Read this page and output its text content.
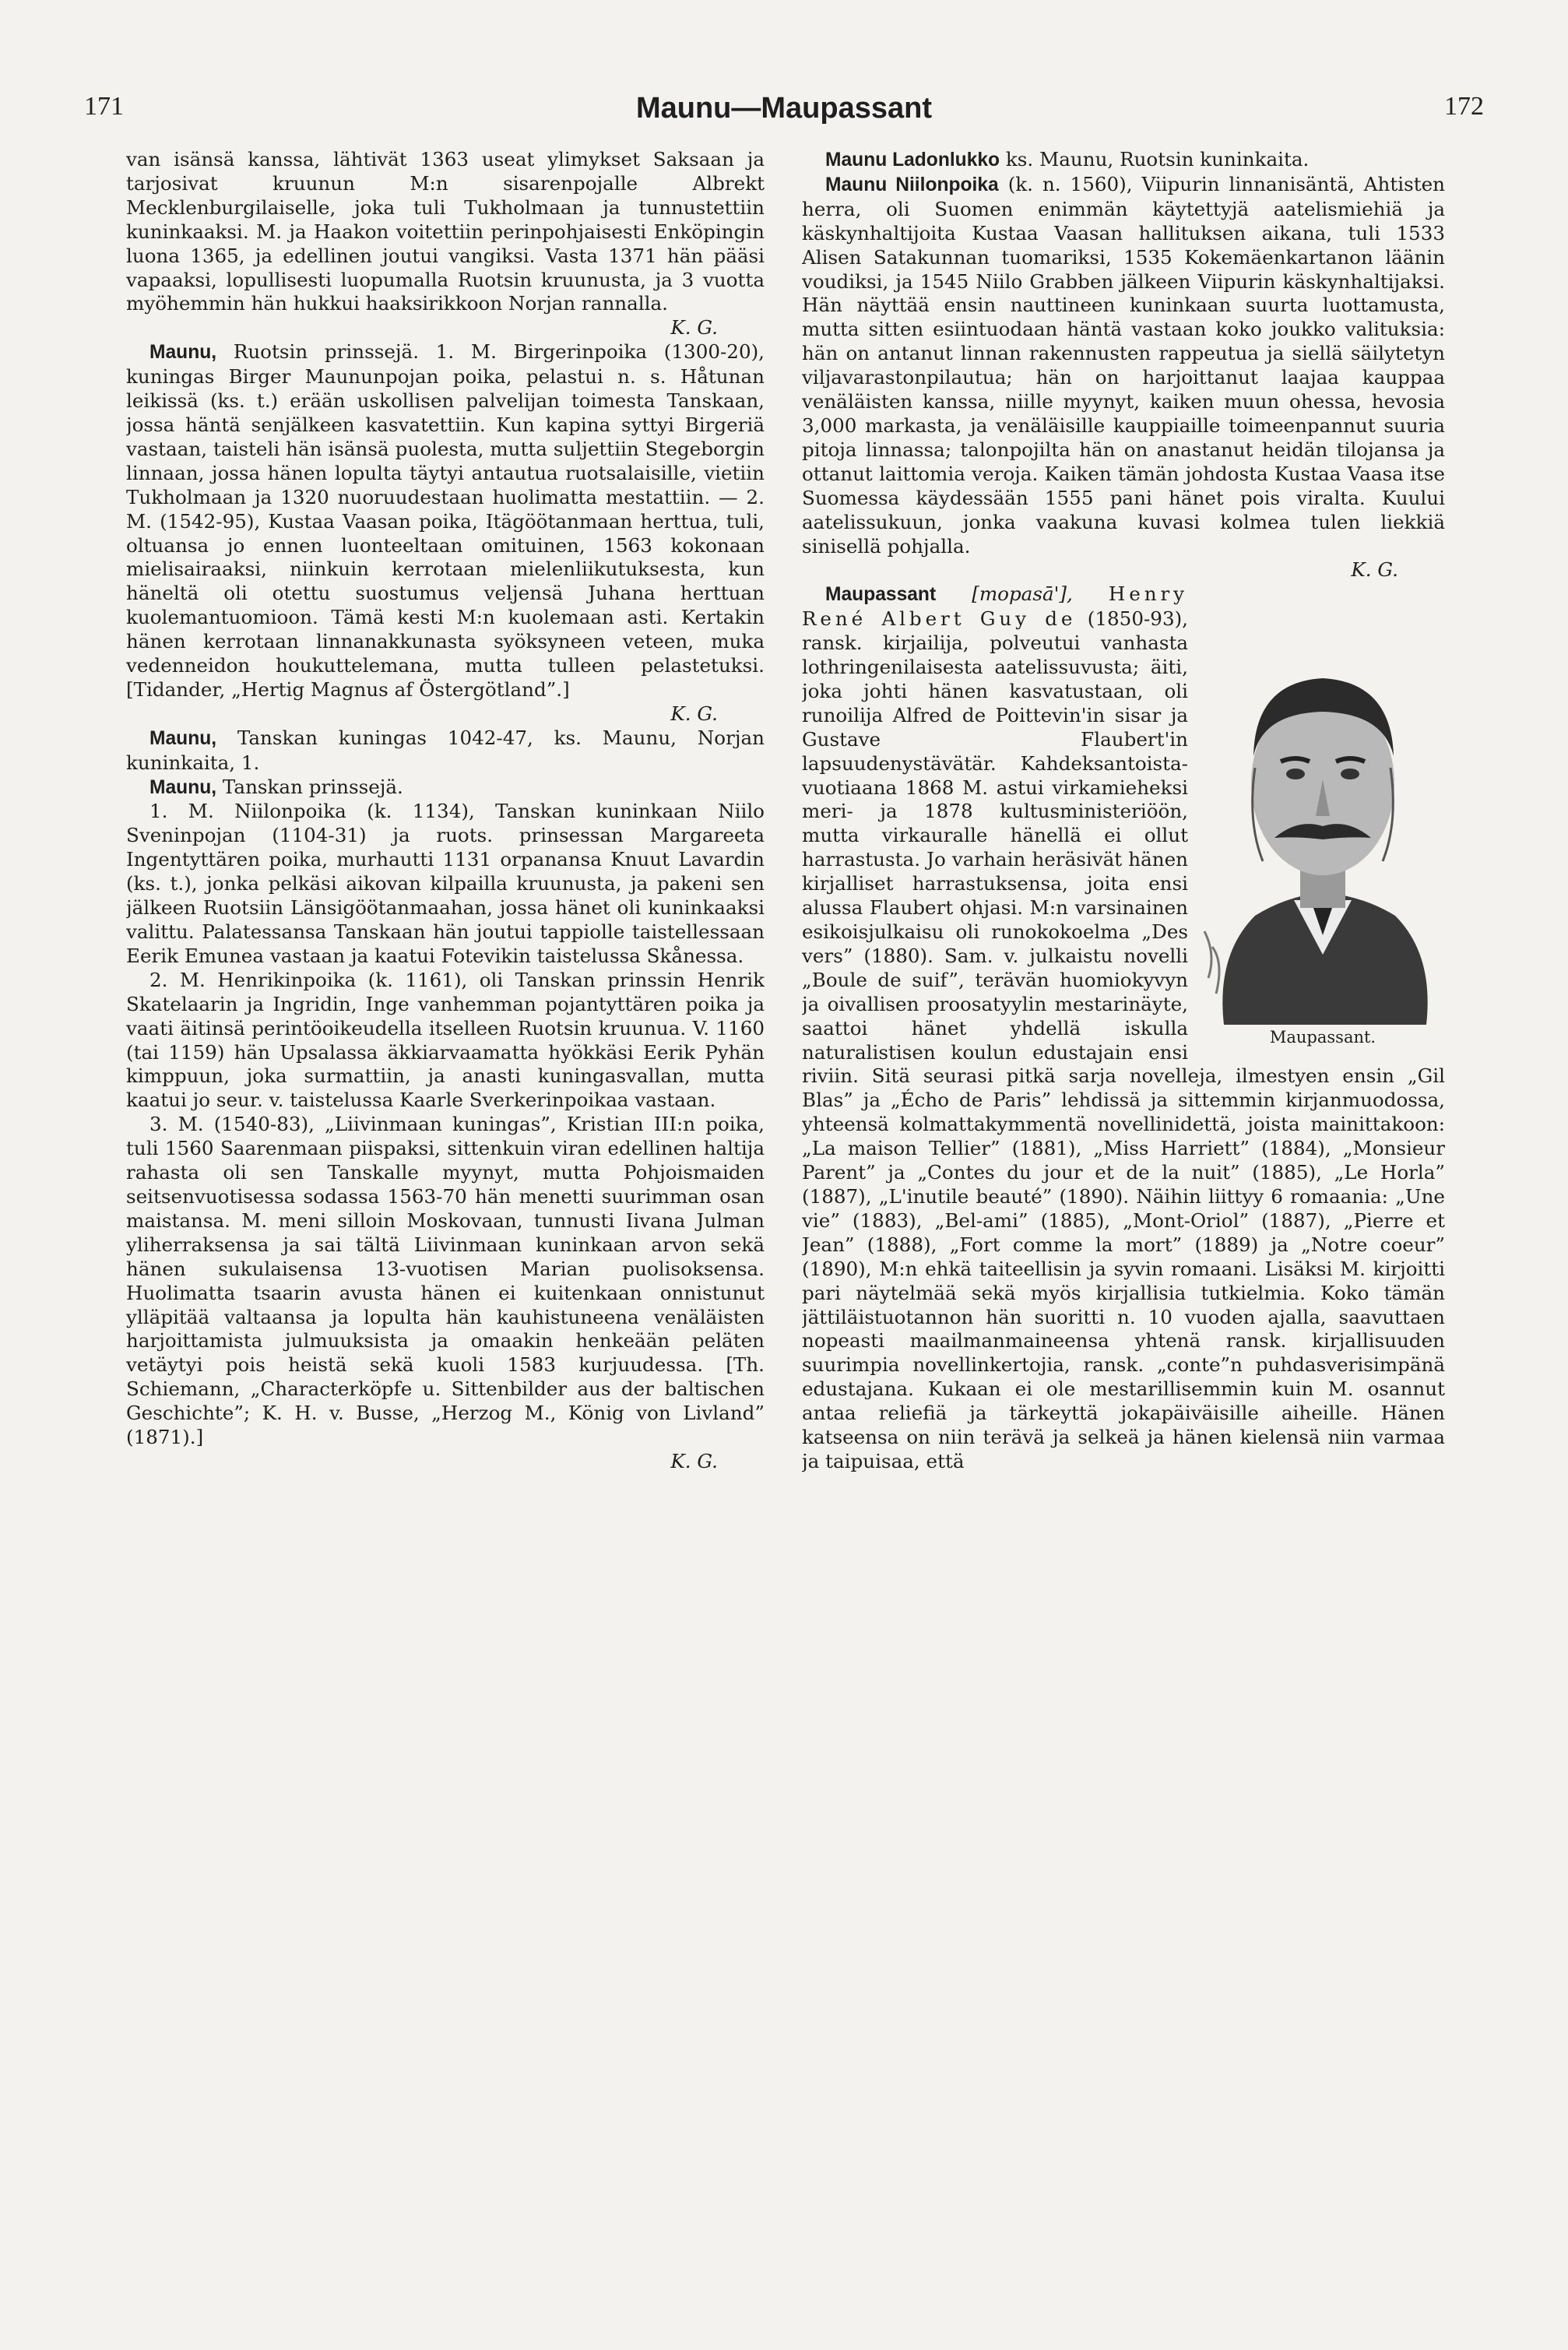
171	Maunu—Maupassant	172

van isänsä kanssa, lähtivät 1363 useat ylimykset Saksaan ja tarjosivat kruunun M:n sisarenpojalle Albrekt Mecklenburgilaiselle, joka tuli Tukholmaan ja tunnustettiin kuninkaaksi. M. ja Haakon voitettiin perinpohjaisesti Enköpingin luona 1365, ja edellinen joutui vangiksi. Vasta 1371 hän pääsi vapaaksi, lopullisesti luopumalla Ruotsin kruunusta, ja 3 vuotta myöhemmin hän hukkui haaksirikkoon Norjan rannalla.
K. G.

Maunu, Ruotsin prinssejä. 1. M. Birgerinpoika (1300-20), kuningas Birger Maununpojan poika, pelastui n. s. Håtunan leikissä (ks. t.) erään uskollisen palvelijan toimesta Tanskaan, jossa häntä senjälkeen kasvatettiin. Kun kapina syttyi Birgeriä vastaan, taisteli hän isänsä puolesta, mutta suljettiin Stegeborgin linnaan, jossa hänen lopulta täytyi antautua ruotsalaisille, vietiin Tukholmaan ja 1320 nuoruudestaan huolimatta mestattiin. — 2. M. (1542-95), Kustaa Vaasan poika, Itägöötanmaan herttua, tuli, oltuansa jo ennen luonteeltaan omituinen, 1563 kokonaan mielisairaaksi, niinkuin kerrotaan mielenliikutuksesta, kun häneltä oli otettu suostumus veljensä Juhana herttuan kuolemantuomioon. Tämä kesti M:n kuolemaan asti. Kertakin hänen kerrotaan linnanakkunasta syöksyneen veteen, muka vedenneidon houkuttelemana, mutta tulleen pelastetuksi. [Tidander, „Hertig Magnus af Östergötland”.]
K. G.

Maunu, Tanskan kuningas 1042-47, ks. Maunu, Norjan kuninkaita, 1.

Maunu, Tanskan prinssejä.

1. M. Niilonpoika (k. 1134), Tanskan kuninkaan Niilo Sveninpojan (1104-31) ja ruots. prinsessan Margareeta Ingentyttären poika, murhautti 1131 orpanansa Knuut Lavardin (ks. t.), jonka pelkäsi aikovan kilpailla kruunusta, ja pakeni sen jälkeen Ruotsiin Länsigöötanmaahan, jossa hänet oli kuninkaaksi valittu. Palatessansa Tanskaan hän joutui tappiolle taistellessaan Eerik Emunea vastaan ja kaatui Fotevikin taistelussa Skånessa.

2. M. Henrikinpoika (k. 1161), oli Tanskan prinssin Henrik Skatelaarin ja Ingridin, Inge vanhemman pojantyttären poika ja vaati äitinsä perintöoikeudella itselleen Ruotsin kruunua. V. 1160 (tai 1159) hän Upsalassa äkkiarvaamatta hyökkäsi Eerik Pyhän kimppuun, joka surmattiin, ja anasti kuningasvallan, mutta kaatui jo seur. v. taistelussa Kaarle Sverkerinpoikaa vastaan.

3. M. (1540-83), „Liivinmaan kuningas”, Kristian III:n poika, tuli 1560 Saarenmaan piispaksi, sittenkuin viran edellinen haltija rahasta oli sen Tanskalle myynyt, mutta Pohjoismaiden seitsenvuotisessa sodassa 1563-70 hän menetti suurimman osan maistansa. M. meni silloin Moskovaan, tunnusti Iivana Julman yliherraksensa ja sai tältä Liivinmaan kuninkaan arvon sekä hänen sukulaisensa 13-vuotisen Marian puolisoksensa. Huolimatta tsaarin avusta hänen ei kuitenkaan onnistunut ylläpitää valtaansa ja lopulta hän kauhistuneena venäläisten harjoittamista julmuuksista ja omaakin henkeään peläten vetäytyi pois heistä sekä kuoli 1583 kurjuudessa. [Th. Schiemann, „Characterköpfe u. Sittenbilder aus der baltischen Geschichte”; K. H. v. Busse, „Herzog M., König von Livland” (1871).]
K. G.

Maunu Ladonlukko ks. Maunu, Ruotsin kuninkaita.

Maunu Niilonpoika (k. n. 1560), Viipurin linnanisäntä, Ahtisten herra, oli Suomen enimmän käytettyjä aatelismiehiä ja käskynhaltijoita Kustaa Vaasan hallituksen aikana, tuli 1533 Alisen Satakunnan tuomariksi, 1535 Kokemäenkartanon läänin voudiksi, ja 1545 Niilo Grabben jälkeen Viipurin käskynhaltijaksi. Hän näyttää ensin nauttineen kuninkaan suurta luottamusta, mutta sitten esiintuodaan häntä vastaan koko joukko valituksia: hän on antanut linnan rakennusten rappeutua ja siellä säilytetyn viljavarastonpilautua; hän on harjoittanut laajaa kauppaa venäläisten kanssa, niille myynyt, kaiken muun ohessa, hevosia 3,000 markasta, ja venäläisille kauppiaille toimeenpannut suuria pitoja linnassa; talonpojilta hän on anastanut heidän tilojansa ja ottanut laittomia veroja. Kaiken tämän johdosta Kustaa Vaasa itse Suomessa käydessään 1555 pani hänet pois viralta. Kuului aatelissukuun, jonka vaakuna kuvasi kolmea tulen liekkiä sinisellä pohjalla.
K. G.

Maupassant.
Maupassant [mopasā'], Henry René Albert Guy de (1850-93), ransk. kirjailija, polveutui vanhasta lothringenilaisesta aatelissuvusta; äiti, joka johti hänen kasvatustaan, oli runoilija Alfred de Poittevin'in sisar ja Gustave Flaubert'in lapsuudenystävätär. Kahdeksantoista-vuotiaana 1868 M. astui virkamieheksi meri- ja 1878 kultusministeriöön, mutta virkauralle hänellä ei ollut harrastusta. Jo varhain heräsivät hänen kirjalliset harrastuksensa, joita ensi alussa Flaubert ohjasi. M:n varsinainen esikoisjulkaisu oli runokokoelma „Des vers” (1880). Sam. v. julkaistu novelli „Boule de suif”, terävän huomiokyvyn ja oivallisen proosatyylin mestarinäyte, saattoi hänet yhdellä iskulla naturalistisen koulun edustajain ensi riviin. Sitä seurasi pitkä sarja novelleja, ilmestyen ensin „Gil Blas” ja „Écho de Paris” lehdissä ja sittemmin kirjanmuodossa, yhteensä kolmattakymmentä novellinidettä, joista mainittakoon: „La maison Tellier” (1881), „Miss Harriett” (1884), „Monsieur Parent” ja „Contes du jour et de la nuit” (1885), „Le Horla” (1887), „L'inutile beauté” (1890). Näihin liittyy 6 romaania: „Une vie” (1883), „Bel-ami” (1885), „Mont-Oriol” (1887), „Pierre et Jean” (1888), „Fort comme la mort” (1889) ja „Notre coeur” (1890), M:n ehkä taiteellisin ja syvin romaani. Lisäksi M. kirjoitti pari näytelmää sekä myös kirjallisia tutkielmia. Koko tämän jättiläistuotannon hän suoritti n. 10 vuoden ajalla, saavuttaen nopeasti maailmanmaineensa yhtenä ransk. kirjallisuuden suurimpia novellinkertojia, ransk. „conte”n puhdasverisimpänä edustajana. Kukaan ei ole mestarillisemmin kuin M. osannut antaa reliefiä ja tärkeyttä jokapäiväisille aiheille. Hänen katseensa on niin terävä ja selkeä ja hänen kielensä niin varmaa ja taipuisaa, että
